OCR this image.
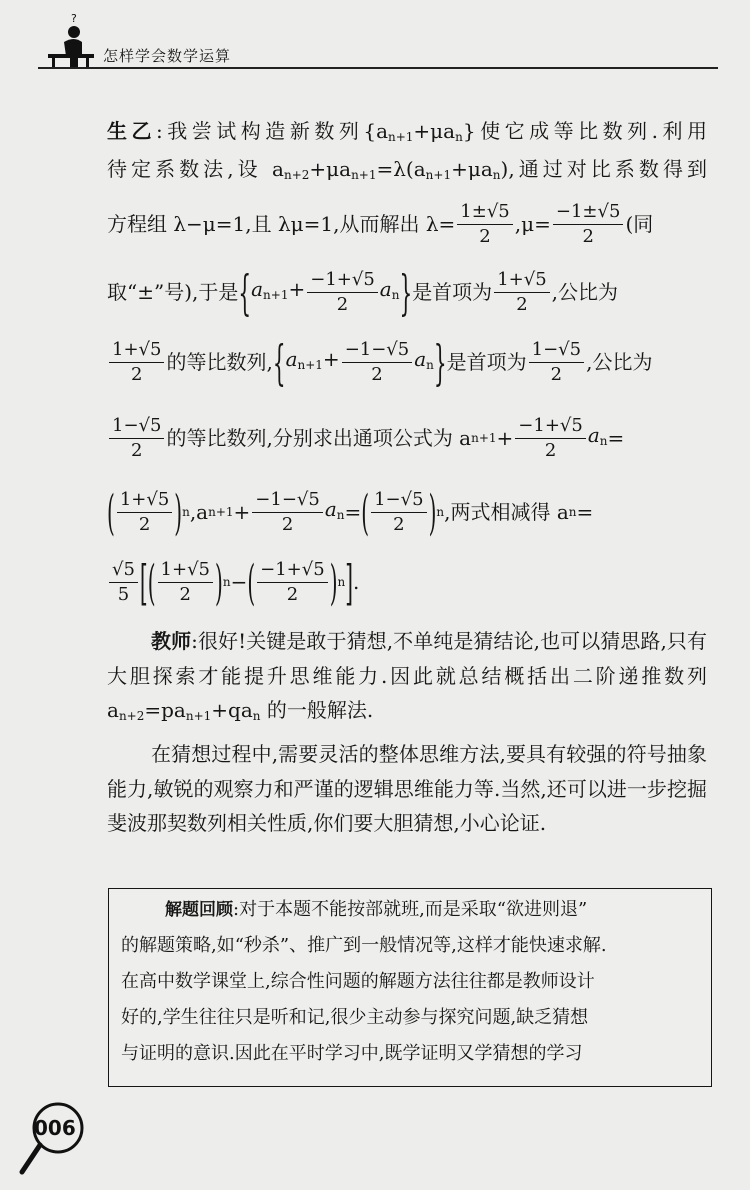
?
怎样学会数学运算
生乙:我尝试构造新数列$\{a_{n+1}+\mu a_n\}$使它成等比数列.利用
待定系数法,设 $a_{n+2}+\mu a_{n+1}=\lambda(a_{n+1}+\mu a_n)$,通过对比系数得到
方程组 λ−μ=1,且 λμ=1,从而解出 $\lambda= \frac{1\pm√5}{2} ,\mu= \frac{-1\pm√5}{2}$ (同
取“±”号),于是 { $a_{n+1}+ \frac{-1+√5}{2} a_n$ } 是首项为 $\frac{1+√5}{2}$ ,公比为
$\frac{1+√5}{2}$ 的等比数列, { $a_{n+1}+ \frac{-1-√5}{2} a_n$ } 是首项为 $\frac{1-√5}{2}$ ,公比为
$\frac{1-√5}{2}$ 的等比数列,分别求出通项公式为 a $n+1 + \frac{-1+√5}{2} a_n$ =
( $\frac{1+√5}{2}$ ) n ,a $n+1 + \frac{-1-√5}{2} a_n$ = ( $\frac{1-√5}{2}$ ) n ,两式相减得 a n =
$\frac{√5}{5}$ [ ( $\frac{1+√5}{2}$ ) n − ( $\frac{-1+√5}{2}$ ) n ] .
教师:很好!关键是敢于猜想,不单纯是猜结论,也可以猜思路,只有大胆探索才能提升思维能力.因此就总结概括出二阶递推数列 $a_{n+2}=pa_{n+1}+qa_n$ 的一般解法.
在猜想过程中,需要灵活的整体思维方法,要具有较强的符号抽象能力,敏锐的观察力和严谨的逻辑思维能力等.当然,还可以进一步挖掘斐波那契数列相关性质,你们要大胆猜想,小心论证.
解题回顾:对于本题不能按部就班,而是采取“欲进则退”
的解题策略,如“秒杀”、推广到一般情况等,这样才能快速求解.
在高中数学课堂上,综合性问题的解题方法往往都是教师设计
好的,学生往往只是听和记,很少主动参与探究问题,缺乏猜想
与证明的意识.因此在平时学习中,既学证明又学猜想的学习
006
